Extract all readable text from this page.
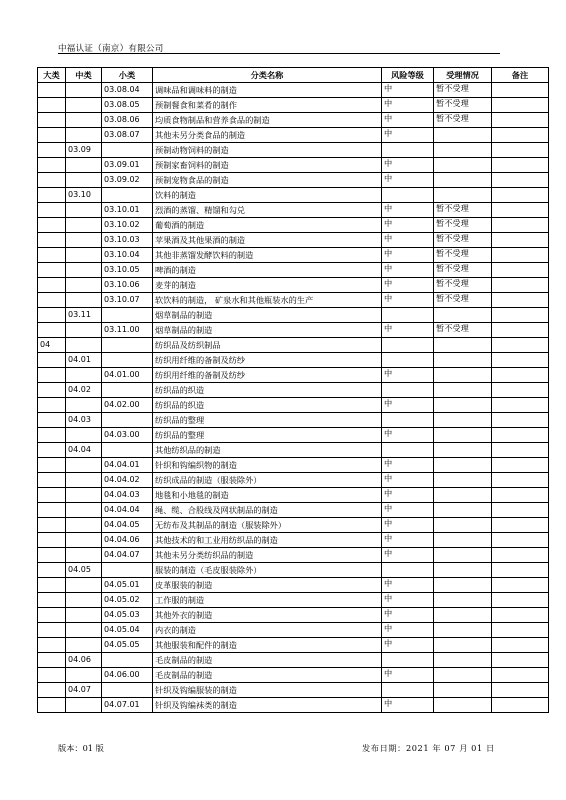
中福认证（南京）有限公司
大类	中类	小类	分类名称	风险等级	受理情况	备注
		03.08.04	调味品和调味料的制造	中	暂不受理	
		03.08.05	预制餐食和菜肴的制作	中	暂不受理	
		03.08.06	均质食物制品和营养食品的制造	中	暂不受理	
		03.08.07	其他未另分类食品的制造	中		
	03.09		预制动物饲料的制造			
		03.09.01	预制家畜饲料的制造	中		
		03.09.02	预制宠物食品的制造	中		
	03.10		饮料的制造			
		03.10.01	烈酒的蒸馏、精馏和勾兑	中	暂不受理	
		03.10.02	葡萄酒的制造	中	暂不受理	
		03.10.03	苹果酒及其他果酒的制造	中	暂不受理	
		03.10.04	其他非蒸馏发酵饮料的制造	中	暂不受理	
		03.10.05	啤酒的制造	中	暂不受理	
		03.10.06	麦芽的制造	中	暂不受理	
		03.10.07	软饮料的制造， 矿泉水和其他瓶装水的生产	中	暂不受理	
	03.11		烟草制品的制造			
		03.11.00	烟草制品的制造	中	暂不受理	
04			纺织品及纺织制品			
	04.01		纺织用纤维的备制及纺纱			
		04.01.00	纺织用纤维的备制及纺纱	中		
	04.02		纺织品的织造			
		04.02.00	纺织品的织造	中		
	04.03		纺织品的整理			
		04.03.00	纺织品的整理	中		
	04.04		其他纺织品的制造			
		04.04.01	针织和钩编织物的制造	中		
		04.04.02	纺织成品的制造（服装除外）	中		
		04.04.03	地毯和小地毯的制造	中		
		04.04.04	绳、缆、合股线及网状制品的制造	中		
		04.04.05	无纺布及其制品的制造（服装除外）	中		
		04.04.06	其他技术的和工业用纺织品的制造	中		
		04.04.07	其他未另分类纺织品的制造	中		
	04.05		服装的制造（毛皮服装除外）			
		04.05.01	皮革服装的制造	中		
		04.05.02	工作服的制造	中		
		04.05.03	其他外衣的制造	中		
		04.05.04	内衣的制造	中		
		04.05.05	其他服装和配件的制造	中		
	04.06		毛皮制品的制造			
		04.06.00	毛皮制品的制造	中		
	04.07		针织及钩编服装的制造			
		04.07.01	针织及钩编袜类的制造	中		
版本：01 版	发布日期：2021 年 07 月 01 日
